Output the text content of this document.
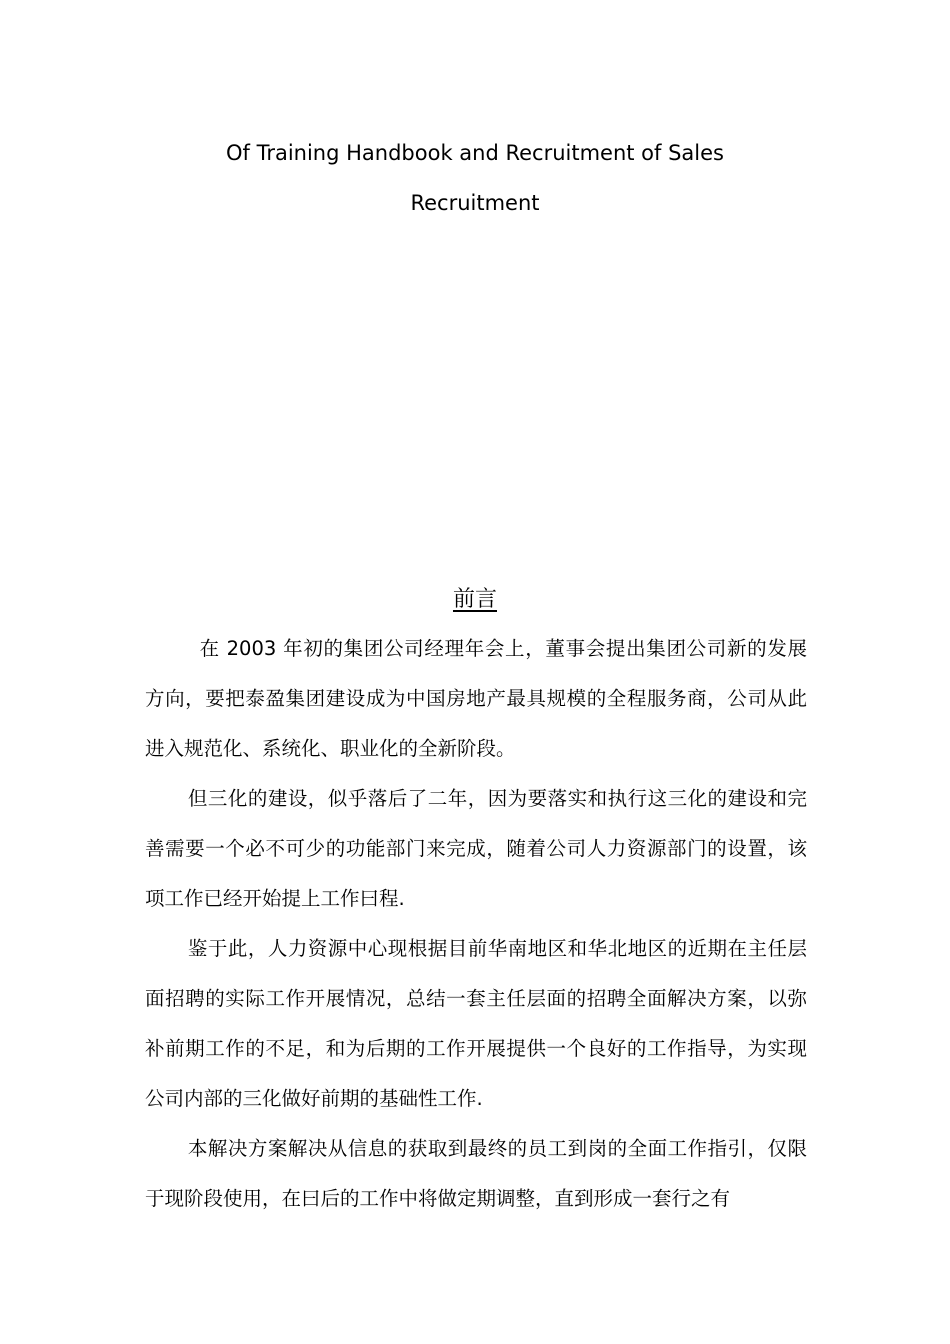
Of Training Handbook and Recruitment of Sales
Recruitment
前言

在 2003 年初的集团公司经理年会上，董事会提出集团公司新的发展方向，要把泰盈集团建设成为中国房地产最具规模的全程服务商，公司从此进入规范化、系统化、职业化的全新阶段。

但三化的建设，似乎落后了二年，因为要落实和执行这三化的建设和完善需要一个必不可少的功能部门来完成，随着公司人力资源部门的设置，该项工作已经开始提上工作曰程.

鉴于此，人力资源中心现根据目前华南地区和华北地区的近期在主任层面招聘的实际工作开展情况，总结一套主任层面的招聘全面解决方案，以弥补前期工作的不足，和为后期的工作开展提供一个良好的工作指导，为实现公司内部的三化做好前期的基础性工作.

本解决方案解决从信息的获取到最终的员工到岗的全面工作指引，仅限于现阶段使用，在曰后的工作中将做定期调整，直到形成一套行之有
